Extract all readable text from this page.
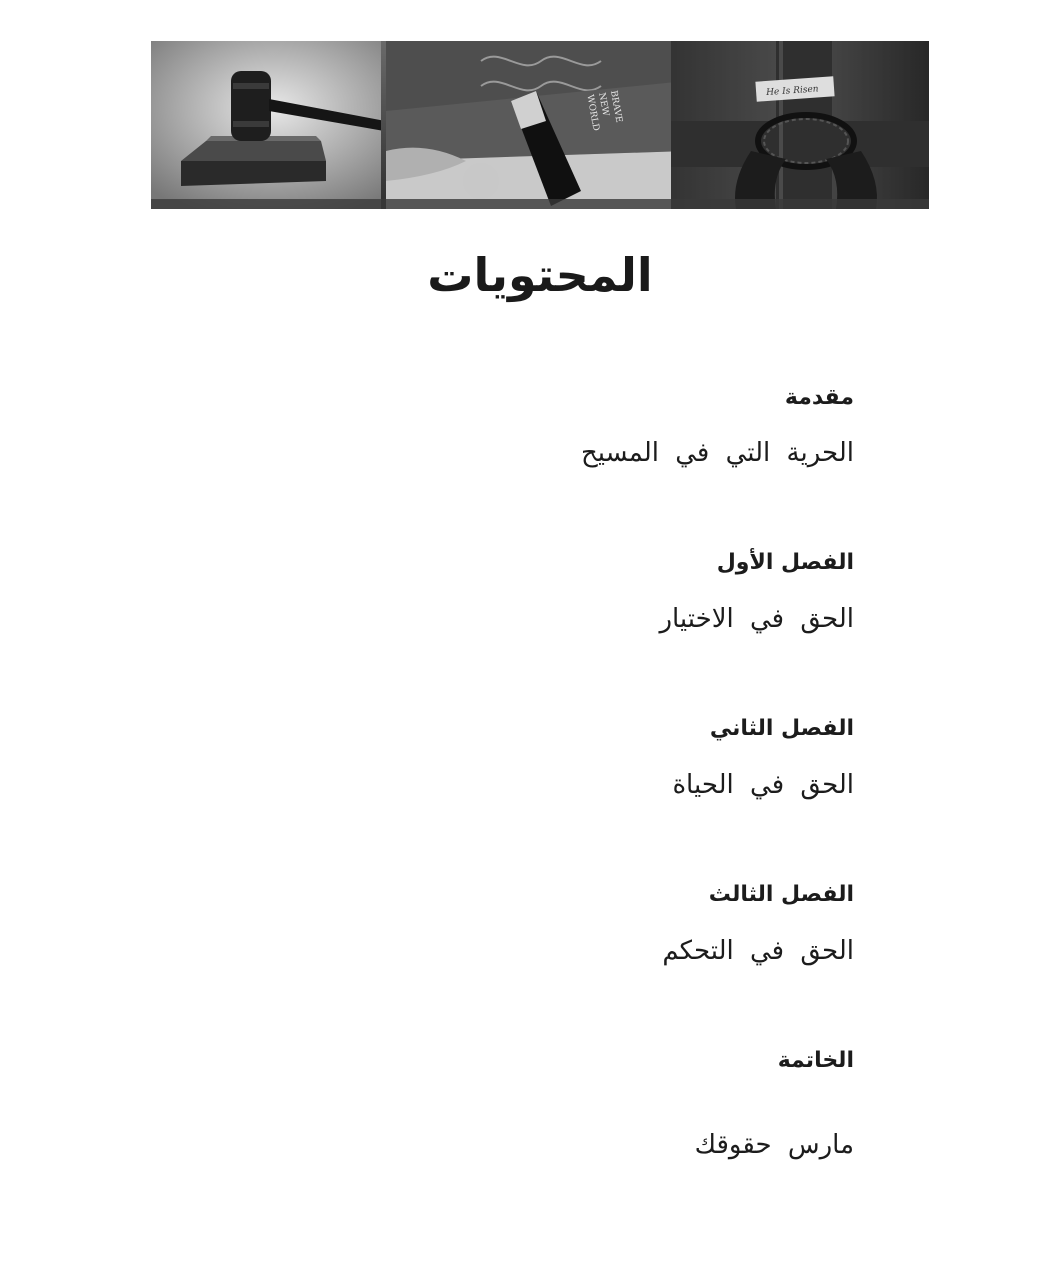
BRAVE
NEW
WORLD
He Is Risen
المحتويات
مقدمة
الحرية التي في المسيح
الفصل الأول
الحق في الاختيار
الفصل الثاني
الحق في الحياة
الفصل الثالث
الحق في التحكم
الخاتمة
مارس حقوقك
